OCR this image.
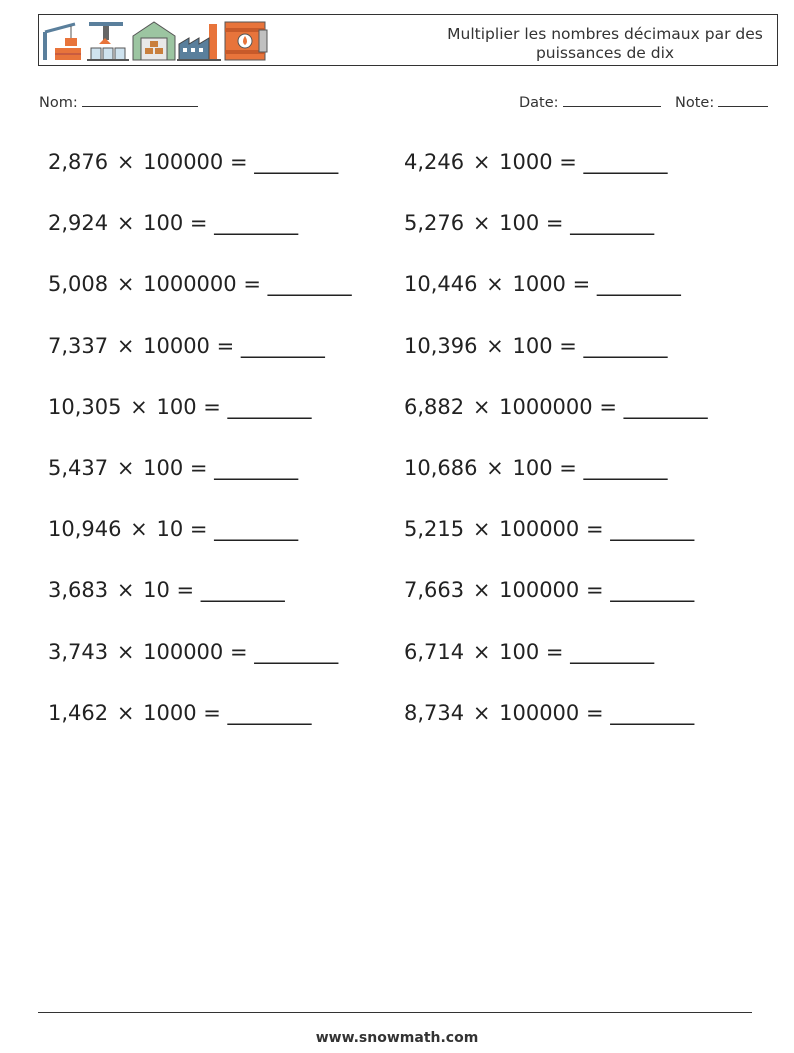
Multiplier les nombres décimaux par des
puissances de dix
Nom:	Date:	Note:
2,876 × 100000 = ________
2,924 × 100 = ________
5,008 × 1000000 = ________
7,337 × 10000 = ________
10,305 × 100 = ________
5,437 × 100 = ________
10,946 × 10 = ________
3,683 × 10 = ________
3,743 × 100000 = ________
1,462 × 1000 = ________
4,246 × 1000 = ________
5,276 × 100 = ________
10,446 × 1000 = ________
10,396 × 100 = ________
6,882 × 1000000 = ________
10,686 × 100 = ________
5,215 × 100000 = ________
7,663 × 100000 = ________
6,714 × 100 = ________
8,734 × 100000 = ________
www.snowmath.com
